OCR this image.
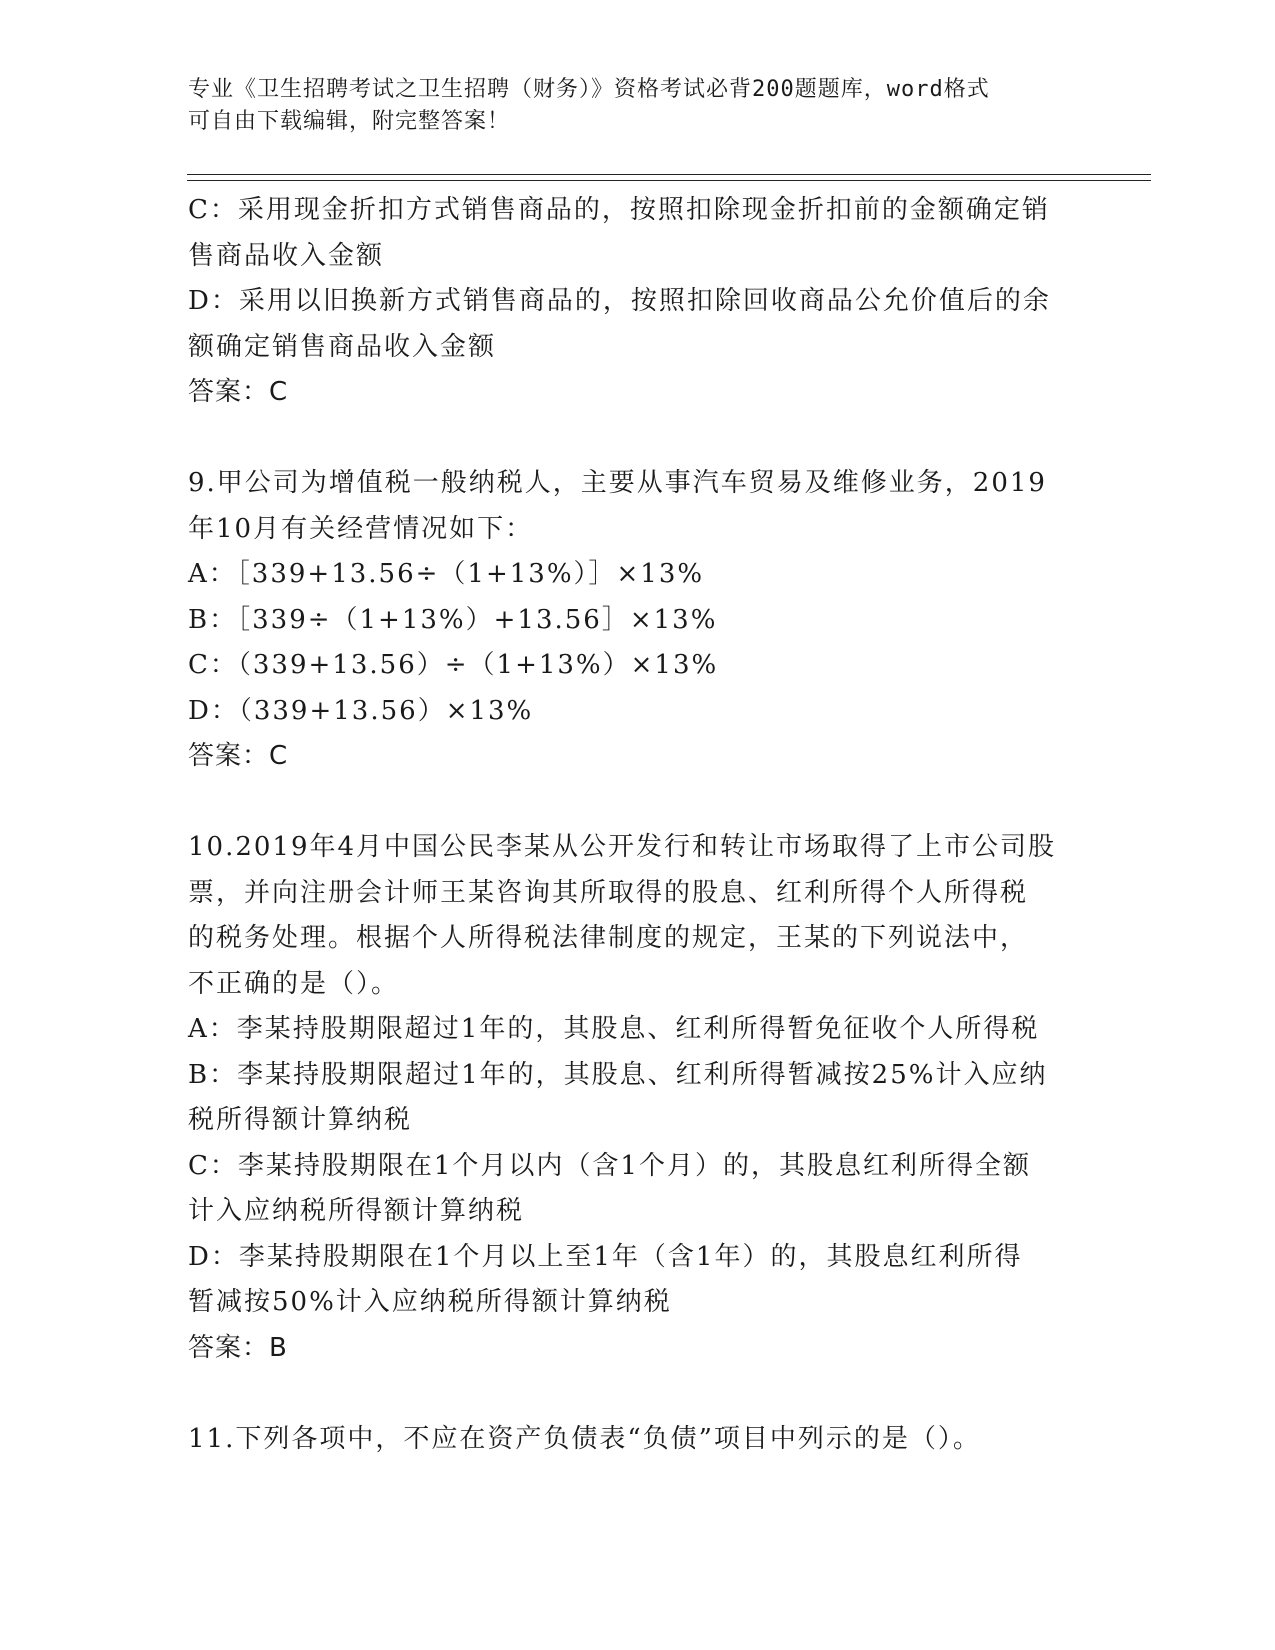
专业《卫生招聘考试之卫生招聘（财务）》资格考试必背200题题库，word格式
可自由下载编辑，附完整答案！
C：采用现金折扣方式销售商品的，按照扣除现金折扣前的金额确定销
售商品收入金额
D：采用以旧换新方式销售商品的，按照扣除回收商品公允价值后的余
额确定销售商品收入金额
答案：C
9.甲公司为增值税一般纳税人，主要从事汽车贸易及维修业务，2019
年10月有关经营情况如下：
A：［339+13.56÷（1+13%）］×13%
B：［339÷（1+13%）+13.56］×13%
C：（339+13.56）÷（1+13%）×13%
D：（339+13.56）×13%
答案：C
10.2019年4月中国公民李某从公开发行和转让市场取得了上市公司股
票，并向注册会计师王某咨询其所取得的股息、红利所得个人所得税
的税务处理。根据个人所得税法律制度的规定，王某的下列说法中，
不正确的是（）。
A：李某持股期限超过1年的，其股息、红利所得暂免征收个人所得税
B：李某持股期限超过1年的，其股息、红利所得暂减按25%计入应纳
税所得额计算纳税
C：李某持股期限在1个月以内（含1个月）的，其股息红利所得全额
计入应纳税所得额计算纳税
D：李某持股期限在1个月以上至1年（含1年）的，其股息红利所得
暂减按50%计入应纳税所得额计算纳税
答案：B
11.下列各项中，不应在资产负债表“负债”项目中列示的是（）。
